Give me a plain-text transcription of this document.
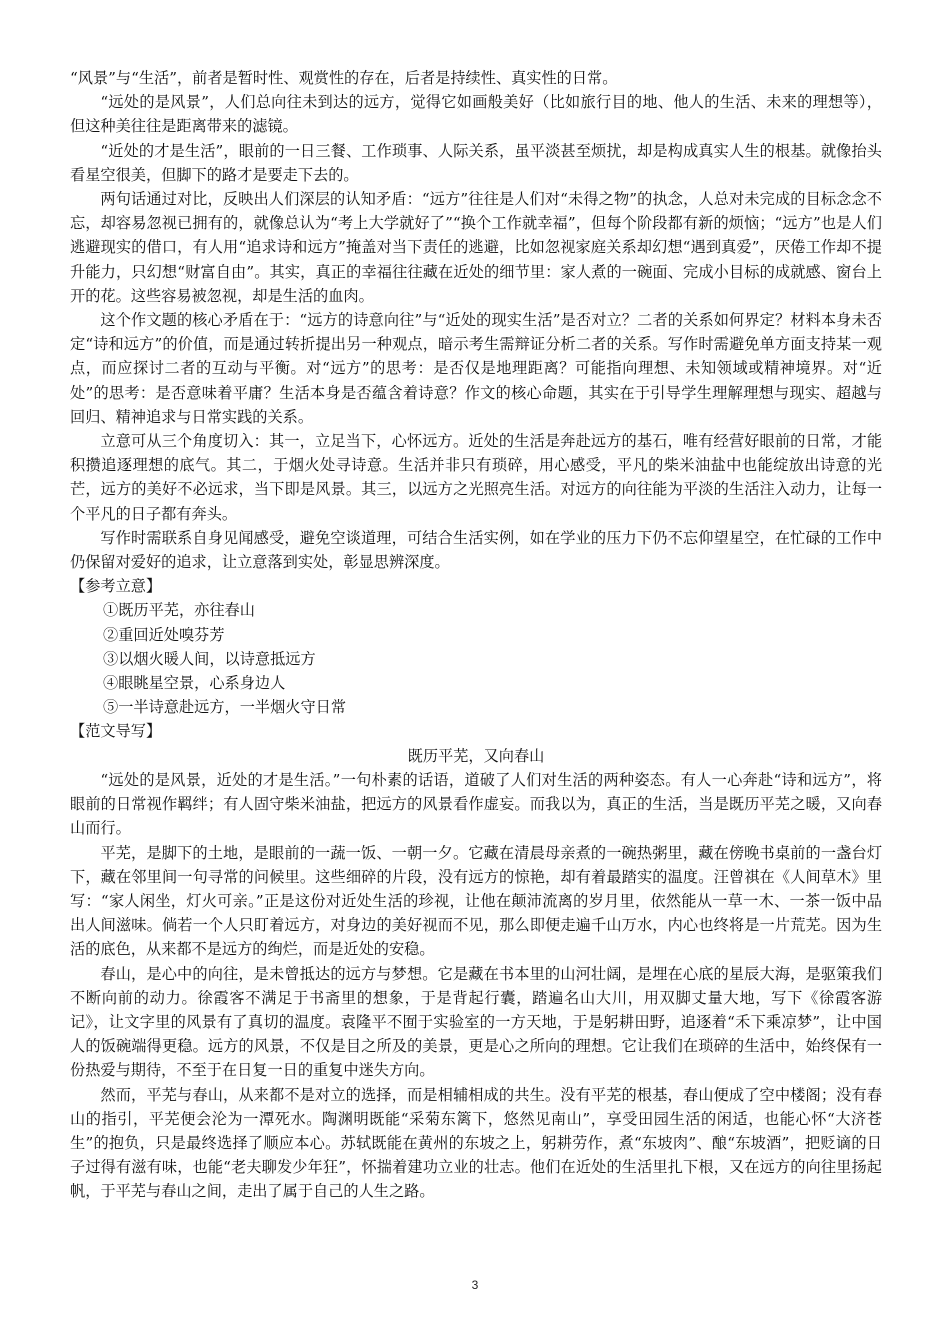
“风景”与“生活”，前者是暂时性、观赏性的存在，后者是持续性、真实性的日常。

“远处的是风景”，人们总向往未到达的远方，觉得它如画般美好（比如旅行目的地、他人的生活、未来的理想等），但这种美往往是距离带来的滤镜。

“近处的才是生活”，眼前的一日三餐、工作琐事、人际关系，虽平淡甚至烦扰，却是构成真实人生的根基。就像抬头看星空很美，但脚下的路才是要走下去的。

两句话通过对比，反映出人们深层的认知矛盾：“远方”往往是人们对“未得之物”的执念，人总对未完成的目标念念不忘，却容易忽视已拥有的，就像总认为“考上大学就好了”“换个工作就幸福”，但每个阶段都有新的烦恼；“远方”也是人们逃避现实的借口，有人用“追求诗和远方”掩盖对当下责任的逃避，比如忽视家庭关系却幻想“遇到真爱”，厌倦工作却不提升能力，只幻想“财富自由”。其实，真正的幸福往往藏在近处的细节里：家人煮的一碗面、完成小目标的成就感、窗台上开的花。这些容易被忽视，却是生活的血肉。

这个作文题的核心矛盾在于：“远方的诗意向往”与“近处的现实生活”是否对立？二者的关系如何界定？材料本身未否定“诗和远方”的价值，而是通过转折提出另一种观点，暗示考生需辩证分析二者的关系。写作时需避免单方面支持某一观点，而应探讨二者的互动与平衡。对“远方”的思考：是否仅是地理距离？可能指向理想、未知领域或精神境界。对“近处”的思考：是否意味着平庸？生活本身是否蕴含着诗意？作文的核心命题，其实在于引导学生理解理想与现实、超越与回归、精神追求与日常实践的关系。

立意可从三个角度切入：其一，立足当下，心怀远方。近处的生活是奔赴远方的基石，唯有经营好眼前的日常，才能积攒追逐理想的底气。其二，于烟火处寻诗意。生活并非只有琐碎，用心感受，平凡的柴米油盐中也能绽放出诗意的光芒，远方的美好不必远求，当下即是风景。其三，以远方之光照亮生活。对远方的向往能为平淡的生活注入动力，让每一个平凡的日子都有奔头。

写作时需联系自身见闻感受，避免空谈道理，可结合生活实例，如在学业的压力下仍不忘仰望星空，在忙碌的工作中仍保留对爱好的追求，让立意落到实处，彰显思辨深度。

【参考立意】

①既历平芜，亦往春山

②重回近处嗅芬芳

③以烟火暖人间，以诗意抵远方

④眼眺星空景，心系身边人

⑤一半诗意赴远方，一半烟火守日常

【范文导写】

既历平芜，又向春山

“远处的是风景，近处的才是生活。”一句朴素的话语，道破了人们对生活的两种姿态。有人一心奔赴“诗和远方”，将眼前的日常视作羁绊；有人固守柴米油盐，把远方的风景看作虚妄。而我以为，真正的生活，当是既历平芜之暖，又向春山而行。

平芜，是脚下的土地，是眼前的一蔬一饭、一朝一夕。它藏在清晨母亲煮的一碗热粥里，藏在傍晚书桌前的一盏台灯下，藏在邻里间一句寻常的问候里。这些细碎的片段，没有远方的惊艳，却有着最踏实的温度。汪曾祺在《人间草木》里写：“家人闲坐，灯火可亲。”正是这份对近处生活的珍视，让他在颠沛流离的岁月里，依然能从一草一木、一茶一饭中品出人间滋味。倘若一个人只盯着远方，对身边的美好视而不见，那么即便走遍千山万水，内心也终将是一片荒芜。因为生活的底色，从来都不是远方的绚烂，而是近处的安稳。

春山，是心中的向往，是未曾抵达的远方与梦想。它是藏在书本里的山河壮阔，是埋在心底的星辰大海，是驱策我们不断向前的动力。徐霞客不满足于书斋里的想象，于是背起行囊，踏遍名山大川，用双脚丈量大地，写下《徐霞客游记》，让文字里的风景有了真切的温度。袁隆平不囿于实验室的一方天地，于是躬耕田野，追逐着“禾下乘凉梦”，让中国人的饭碗端得更稳。远方的风景，不仅是目之所及的美景，更是心之所向的理想。它让我们在琐碎的生活中，始终保有一份热爱与期待，不至于在日复一日的重复中迷失方向。

然而，平芜与春山，从来都不是对立的选择，而是相辅相成的共生。没有平芜的根基，春山便成了空中楼阁；没有春山的指引，平芜便会沦为一潭死水。陶渊明既能“采菊东篱下，悠然见南山”，享受田园生活的闲适，也能心怀“大济苍生”的抱负，只是最终选择了顺应本心。苏轼既能在黄州的东坡之上，躬耕劳作，煮“东坡肉”、酿“东坡酒”，把贬谪的日子过得有滋有味，也能“老夫聊发少年狂”，怀揣着建功立业的壮志。他们在近处的生活里扎下根，又在远方的向往里扬起帆，于平芜与春山之间，走出了属于自己的人生之路。

3
